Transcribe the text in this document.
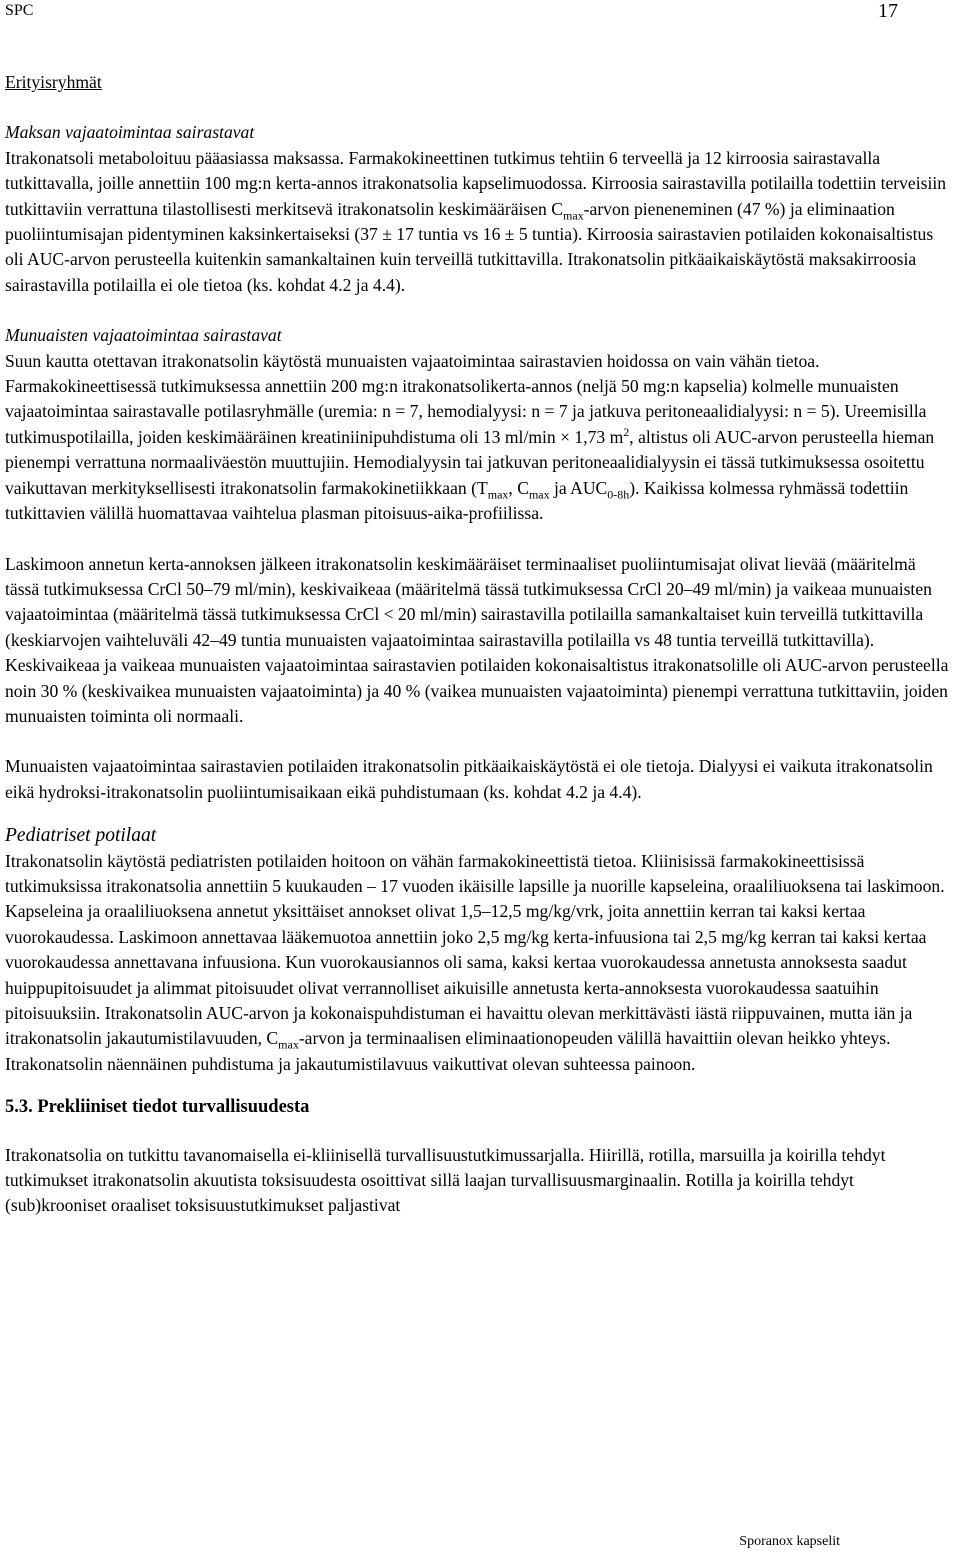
SPC	17

Erityisryhmät

Maksan vajaatoimintaa sairastavat

Itrakonatsoli metaboloituu pääasiassa maksassa. Farmakokineettinen tutkimus tehtiin 6 terveellä ja 12 kirroosia sairastavalla tutkittavalla, joille annettiin 100 mg:n kerta-annos itrakonatsolia kapselimuodossa. Kirroosia sairastavilla potilailla todettiin terveisiin tutkittaviin verrattuna tilastollisesti merkitsevä itrakonatsolin keskimääräisen $C_{max}$-arvon pieneneminen (47 %) ja eliminaation puoliintumisajan pidentyminen kaksinkertaiseksi (37 ± 17 tuntia vs 16 ± 5 tuntia). Kirroosia sairastavien potilaiden kokonaisaltistus oli AUC-arvon perusteella kuitenkin samankaltainen kuin terveillä tutkittavilla. Itrakonatsolin pitkäaikaiskäytöstä maksakirroosia sairastavilla potilailla ei ole tietoa (ks. kohdat 4.2 ja 4.4).

Munuaisten vajaatoimintaa sairastavat

Suun kautta otettavan itrakonatsolin käytöstä munuaisten vajaatoimintaa sairastavien hoidossa on vain vähän tietoa. Farmakokineettisessä tutkimuksessa annettiin 200 mg:n itrakonatsolikerta-annos (neljä 50 mg:n kapselia) kolmelle munuaisten vajaatoimintaa sairastavalle potilasryhmälle (uremia: n = 7, hemodialyysi: n = 7 ja jatkuva peritoneaalidialyysi: n = 5). Ureemisilla tutkimuspotilailla, joiden keskimääräinen kreatiniinipuhdistuma oli 13 ml/min × 1,73 $m^2$, altistus oli AUC-arvon perusteella hieman pienempi verrattuna normaaliväestön muuttujiin. Hemodialyysin tai jatkuvan peritoneaalidialyysin ei tässä tutkimuksessa osoitettu vaikuttavan merkityksellisesti itrakonatsolin farmakokinetiikkaan ($T_{max}$, $C_{max}$ ja $AUC_{0-8h}$). Kaikissa kolmessa ryhmässä todettiin tutkittavien välillä huomattavaa vaihtelua plasman pitoisuus-aika-profiilissa.

Laskimoon annetun kerta-annoksen jälkeen itrakonatsolin keskimääräiset terminaaliset puoliintumisajat olivat lievää (määritelmä tässä tutkimuksessa CrCl 50–79 ml/min), keskivaikeaa (määritelmä tässä tutkimuksessa CrCl 20–49 ml/min) ja vaikeaa munuaisten vajaatoimintaa (määritelmä tässä tutkimuksessa CrCl < 20 ml/min) sairastavilla potilailla samankaltaiset kuin terveillä tutkittavilla (keskiarvojen vaihteluväli 42–49 tuntia munuaisten vajaatoimintaa sairastavilla potilailla vs 48 tuntia terveillä tutkittavilla). Keskivaikeaa ja vaikeaa munuaisten vajaatoimintaa sairastavien potilaiden kokonaisaltistus itrakonatsolille oli AUC-arvon perusteella noin 30 % (keskivaikea munuaisten vajaatoiminta) ja 40 % (vaikea munuaisten vajaatoiminta) pienempi verrattuna tutkittaviin, joiden munuaisten toiminta oli normaali.

Munuaisten vajaatoimintaa sairastavien potilaiden itrakonatsolin pitkäaikaiskäytöstä ei ole tietoja. Dialyysi ei vaikuta itrakonatsolin eikä hydroksi-itrakonatsolin puoliintumisaikaan eikä puhdistumaan (ks. kohdat 4.2 ja 4.4).

Pediatriset potilaat

Itrakonatsolin käytöstä pediatristen potilaiden hoitoon on vähän farmakokineettistä tietoa. Kliinisissä farmakokineettisissä tutkimuksissa itrakonatsolia annettiin 5 kuukauden – 17 vuoden ikäisille lapsille ja nuorille kapseleina, oraaliliuoksena tai laskimoon. Kapseleina ja oraaliliuoksena annetut yksittäiset annokset olivat 1,5–12,5 mg/kg/vrk, joita annettiin kerran tai kaksi kertaa vuorokaudessa. Laskimoon annettavaa lääkemuotoa annettiin joko 2,5 mg/kg kerta-infuusiona tai 2,5 mg/kg kerran tai kaksi kertaa vuorokaudessa annettavana infuusiona. Kun vuorokausiannos oli sama, kaksi kertaa vuorokaudessa annetusta annoksesta saadut huippupitoisuudet ja alimmat pitoisuudet olivat verrannolliset aikuisille annetusta kerta-annoksesta vuorokaudessa saatuihin pitoisuuksiin. Itrakonatsolin AUC-arvon ja kokonaispuhdistuman ei havaittu olevan merkittävästi iästä riippuvainen, mutta iän ja itrakonatsolin jakautumistilavuuden, $C_{max}$-arvon ja terminaalisen eliminaationopeuden välillä havaittiin olevan heikko yhteys. Itrakonatsolin näennäinen puhdistuma ja jakautumistilavuus vaikuttivat olevan suhteessa painoon.

5.3. Prekliiniset tiedot turvallisuudesta

Itrakonatsolia on tutkittu tavanomaisella ei-kliinisellä turvallisuustutkimussarjalla. Hiirillä, rotilla, marsuilla ja koirilla tehdyt tutkimukset itrakonatsolin akuutista toksisuudesta osoittivat sillä laajan turvallisuusmarginaalin. Rotilla ja koirilla tehdyt (sub)krooniset oraaliset toksisuustutkimukset paljastivat

Sporanox kapselit
